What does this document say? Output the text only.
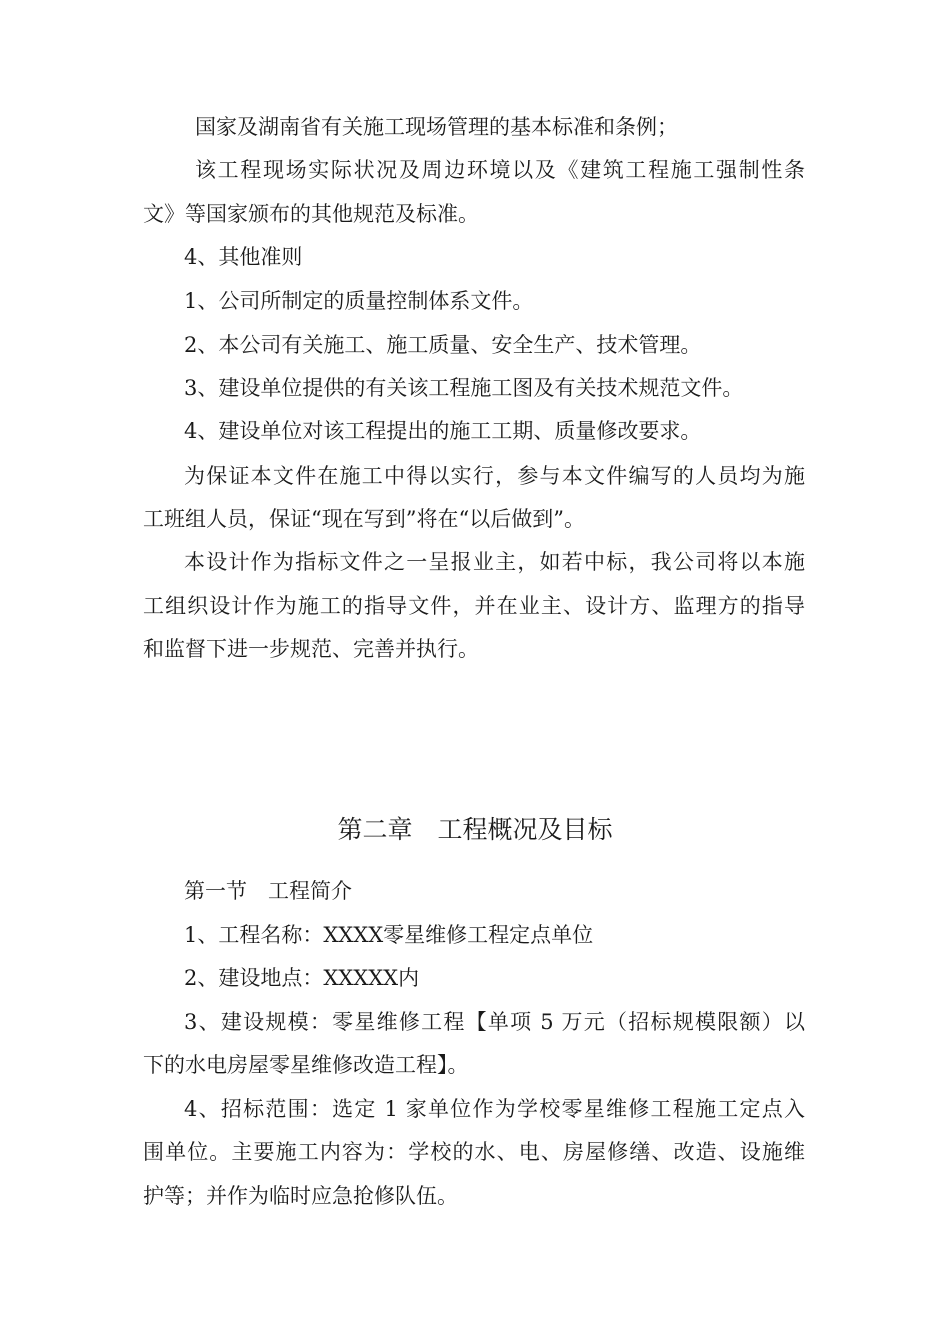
国家及湖南省有关施工现场管理的基本标准和条例；
该工程现场实际状况及周边环境以及《建筑工程施工强制性条
文》等国家颁布的其他规范及标准。
4、其他准则
1、公司所制定的质量控制体系文件。
2、本公司有关施工、施工质量、安全生产、技术管理。
3、建设单位提供的有关该工程施工图及有关技术规范文件。
4、建设单位对该工程提出的施工工期、质量修改要求。
为保证本文件在施工中得以实行，参与本文件编写的人员均为施
工班组人员，保证“现在写到”将在“以后做到”。
本设计作为指标文件之一呈报业主，如若中标，我公司将以本施
工组织设计作为施工的指导文件，并在业主、设计方、监理方的指导
和监督下进一步规范、完善并执行。
第二章　工程概况及目标
第一节　工程简介
1、工程名称：XXXX零星维修工程定点单位
2、建设地点：XXXXX内
3、建设规模：零星维修工程【单项 5 万元（招标规模限额）以
下的水电房屋零星维修改造工程】。
4、招标范围：选定 1 家单位作为学校零星维修工程施工定点入
围单位。主要施工内容为：学校的水、电、房屋修缮、改造、设施维
护等；并作为临时应急抢修队伍。
